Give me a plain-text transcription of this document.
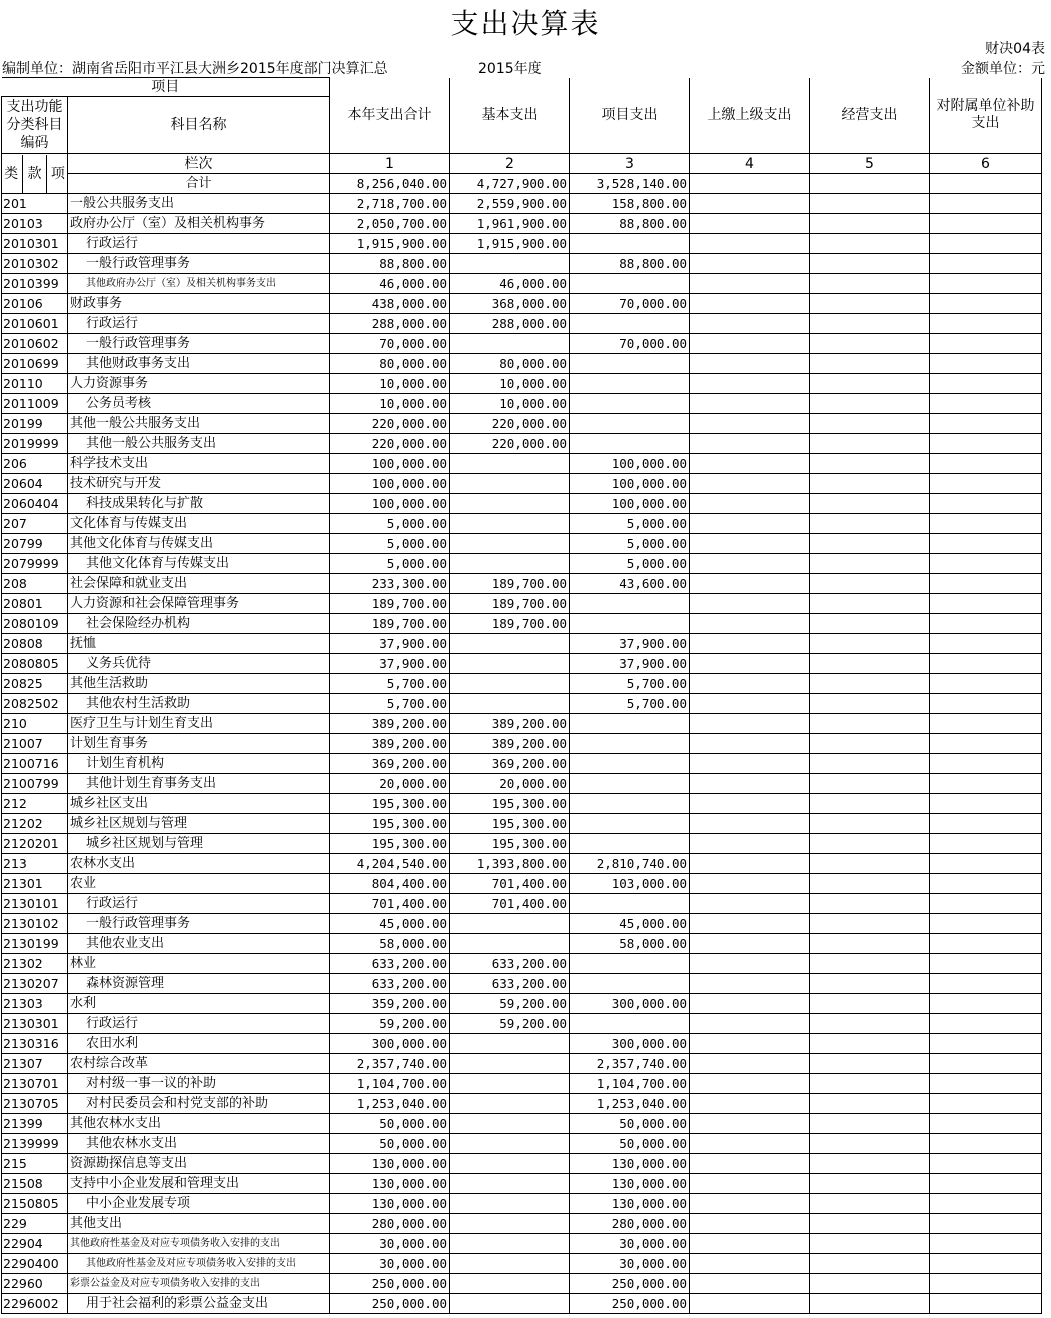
支出决算表
财决04表
编制单位：湖南省岳阳市平江县大洲乡2015年度部门决算汇总	2015年度	金额单位：元
项目		本年支出合计	基本支出	项目支出	上缴上级支出	经营支出	对附属单位补助支出
支出功能分类科目编码	科目名称						

类 款 项	栏次	1	2	3	4	5	6
	合计	8,256,040.00	4,727,900.00	3,528,140.00			
201	一般公共服务支出	2,718,700.00	2,559,900.00	158,800.00			
20103	政府办公厅（室）及相关机构事务	2,050,700.00	1,961,900.00	88,800.00			
2010301	行政运行	1,915,900.00	1,915,900.00				
2010302	一般行政管理事务	88,800.00		88,800.00			
2010399	其他政府办公厅（室）及相关机构事务支出	46,000.00	46,000.00				
20106	财政事务	438,000.00	368,000.00	70,000.00			
2010601	行政运行	288,000.00	288,000.00				
2010602	一般行政管理事务	70,000.00		70,000.00			
2010699	其他财政事务支出	80,000.00	80,000.00				
20110	人力资源事务	10,000.00	10,000.00				
2011009	公务员考核	10,000.00	10,000.00				
20199	其他一般公共服务支出	220,000.00	220,000.00				
2019999	其他一般公共服务支出	220,000.00	220,000.00				
206	科学技术支出	100,000.00		100,000.00			
20604	技术研究与开发	100,000.00		100,000.00			
2060404	科技成果转化与扩散	100,000.00		100,000.00			
207	文化体育与传媒支出	5,000.00		5,000.00			
20799	其他文化体育与传媒支出	5,000.00		5,000.00			
2079999	其他文化体育与传媒支出	5,000.00		5,000.00			
208	社会保障和就业支出	233,300.00	189,700.00	43,600.00			
20801	人力资源和社会保障管理事务	189,700.00	189,700.00				
2080109	社会保险经办机构	189,700.00	189,700.00				
20808	抚恤	37,900.00		37,900.00			
2080805	义务兵优待	37,900.00		37,900.00			
20825	其他生活救助	5,700.00		5,700.00			
2082502	其他农村生活救助	5,700.00		5,700.00			
210	医疗卫生与计划生育支出	389,200.00	389,200.00				
21007	计划生育事务	389,200.00	389,200.00				
2100716	计划生育机构	369,200.00	369,200.00				
2100799	其他计划生育事务支出	20,000.00	20,000.00				
212	城乡社区支出	195,300.00	195,300.00				
21202	城乡社区规划与管理	195,300.00	195,300.00				
2120201	城乡社区规划与管理	195,300.00	195,300.00				
213	农林水支出	4,204,540.00	1,393,800.00	2,810,740.00			
21301	农业	804,400.00	701,400.00	103,000.00			
2130101	行政运行	701,400.00	701,400.00				
2130102	一般行政管理事务	45,000.00		45,000.00			
2130199	其他农业支出	58,000.00		58,000.00			
21302	林业	633,200.00	633,200.00				
2130207	森林资源管理	633,200.00	633,200.00				
21303	水利	359,200.00	59,200.00	300,000.00			
2130301	行政运行	59,200.00	59,200.00				
2130316	农田水利	300,000.00		300,000.00			
21307	农村综合改革	2,357,740.00		2,357,740.00			
2130701	对村级一事一议的补助	1,104,700.00		1,104,700.00			
2130705	对村民委员会和村党支部的补助	1,253,040.00		1,253,040.00			
21399	其他农林水支出	50,000.00		50,000.00			
2139999	其他农林水支出	50,000.00		50,000.00			
215	资源勘探信息等支出	130,000.00		130,000.00			
21508	支持中小企业发展和管理支出	130,000.00		130,000.00			
2150805	中小企业发展专项	130,000.00		130,000.00			
229	其他支出	280,000.00		280,000.00			
22904	其他政府性基金及对应专项债务收入安排的支出	30,000.00		30,000.00			
2290400	其他政府性基金及对应专项债务收入安排的支出	30,000.00		30,000.00			
22960	彩票公益金及对应专项债务收入安排的支出	250,000.00		250,000.00			
2296002	用于社会福利的彩票公益金支出	250,000.00		250,000.00			
